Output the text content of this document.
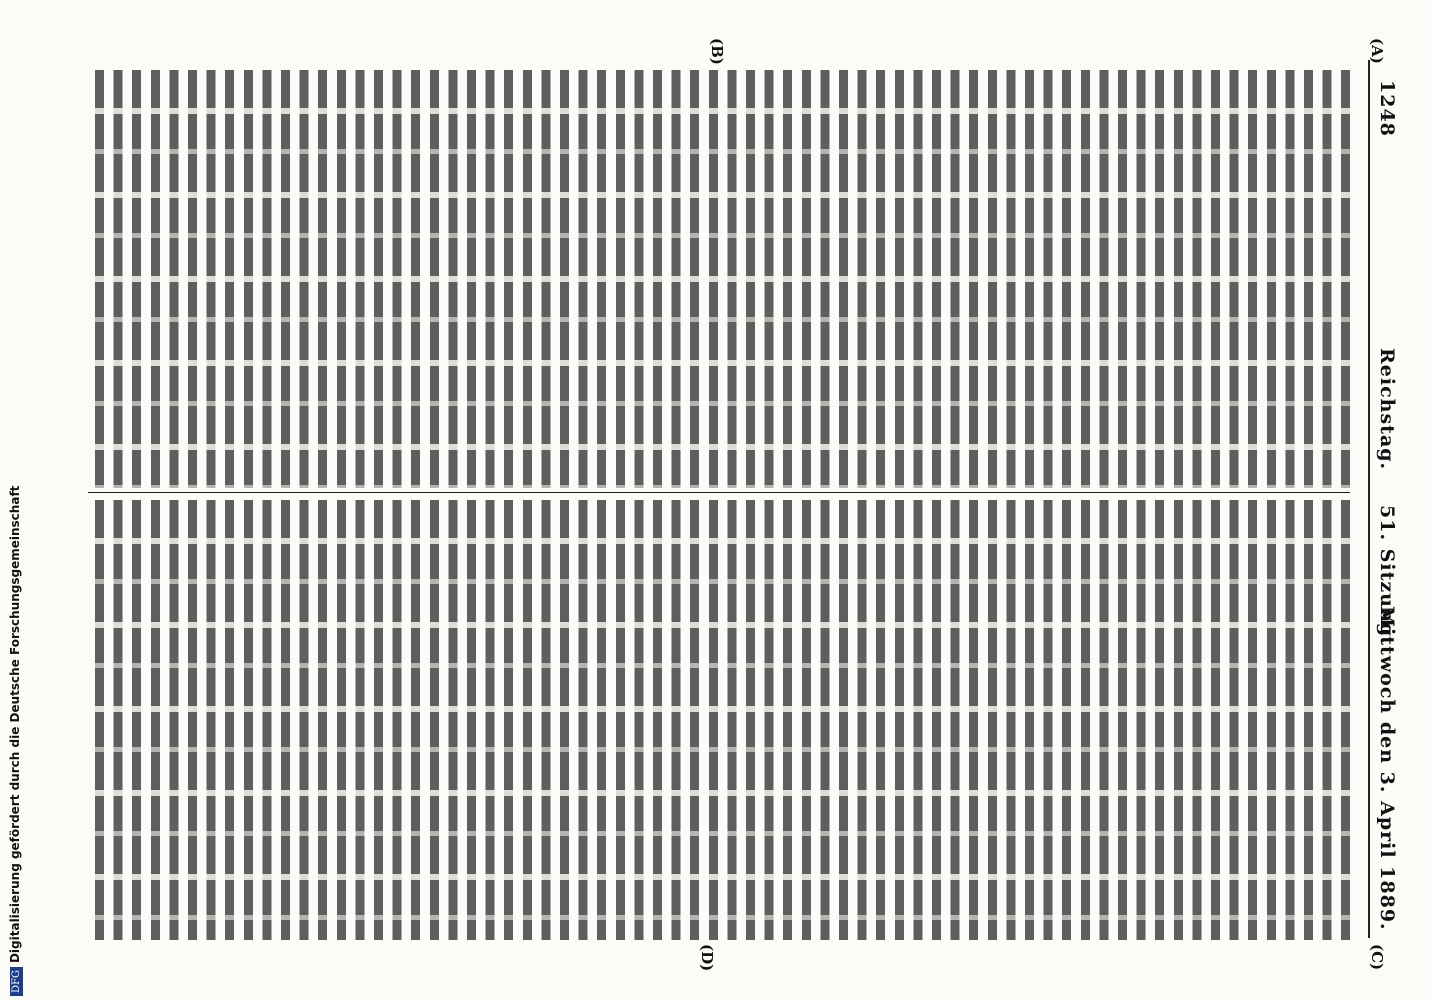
1248
Reichstag.
51. Sitzung.
Mittwoch den 3. April 1889.
(A)
(B)
(C)
(D)
DFGDigitalisierung gefördert durch die Deutsche Forschungsgemeinschaft
